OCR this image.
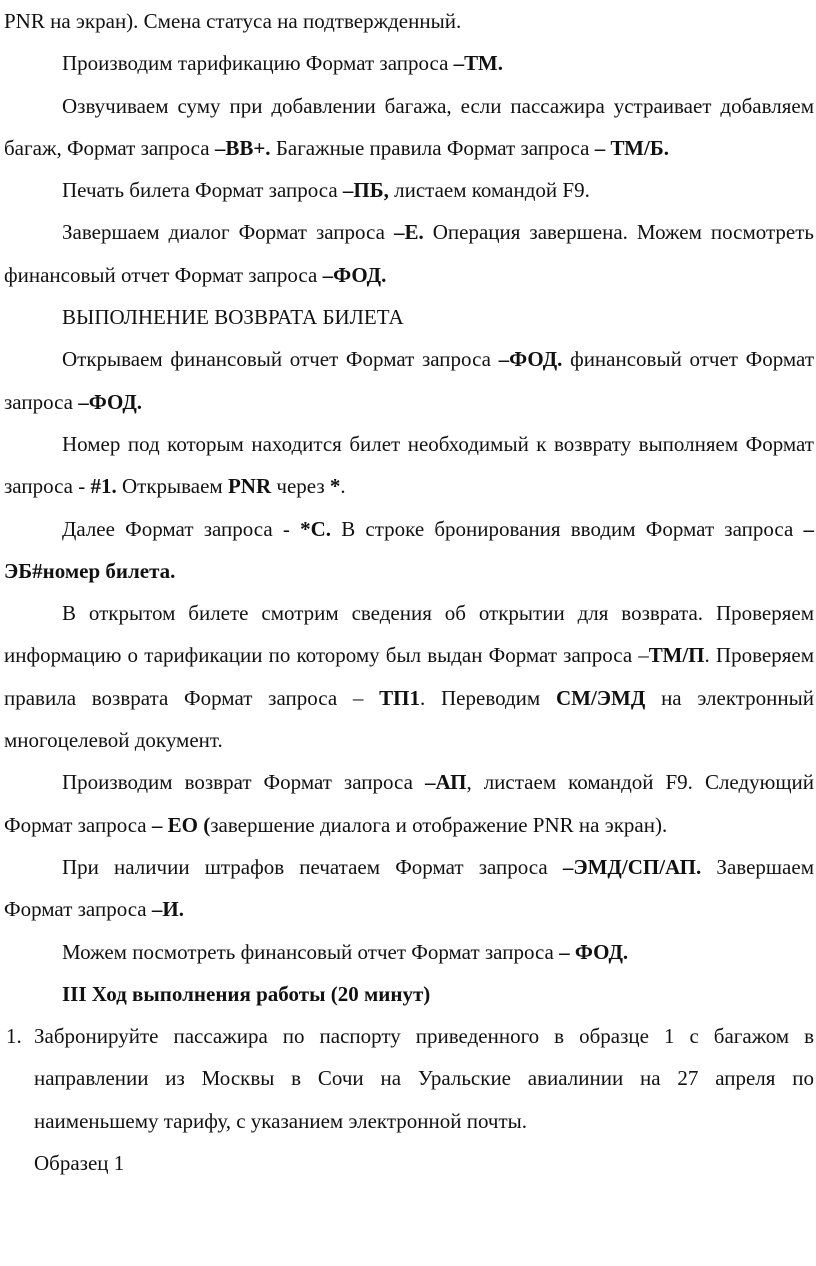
PNR на экран). Смена статуса на подтвержденный.

Производим тарификацию Формат запроса –ТМ.

Озвучиваем суму при добавлении багажа, если пассажира устраивает добавляем багаж, Формат запроса –ВВ+. Багажные правила Формат запроса – ТМ/Б.

Печать билета Формат запроса –ПБ, листаем командой F9.

Завершаем диалог Формат запроса –Е. Операция завершена. Можем посмотреть финансовый отчет Формат запроса –ФОД.

ВЫПОЛНЕНИЕ ВОЗВРАТА БИЛЕТА

Открываем финансовый отчет Формат запроса –ФОД. финансовый отчет Формат запроса –ФОД.

Номер под которым находится билет необходимый к возврату выполняем Формат запроса - #1. Открываем PNR через *.

Далее Формат запроса - *С. В строке бронирования вводим Формат запроса – ЭБ#номер билета.

В открытом билете смотрим сведения об открытии для возврата. Проверяем информацию о тарификации по которому был выдан Формат запроса –ТМ/П. Проверяем правила возврата Формат запроса – ТП1. Переводим СМ/ЭМД на электронный многоцелевой документ.

Производим возврат Формат запроса –АП, листаем командой F9. Следующий Формат запроса – ЕО (завершение диалога и отображение PNR на экран).

При наличии штрафов печатаем Формат запроса –ЭМД/СП/АП. Завершаем Формат запроса –И.

Можем посмотреть финансовый отчет Формат запроса – ФОД.

III Ход выполнения работы (20 минут)

1. Забронируйте пассажира по паспорту приведенного в образце 1 с багажом в направлении из Москвы в Сочи на Уральские авиалинии на 27 апреля по наименьшему тарифу, с указанием электронной почты.

Образец 1
